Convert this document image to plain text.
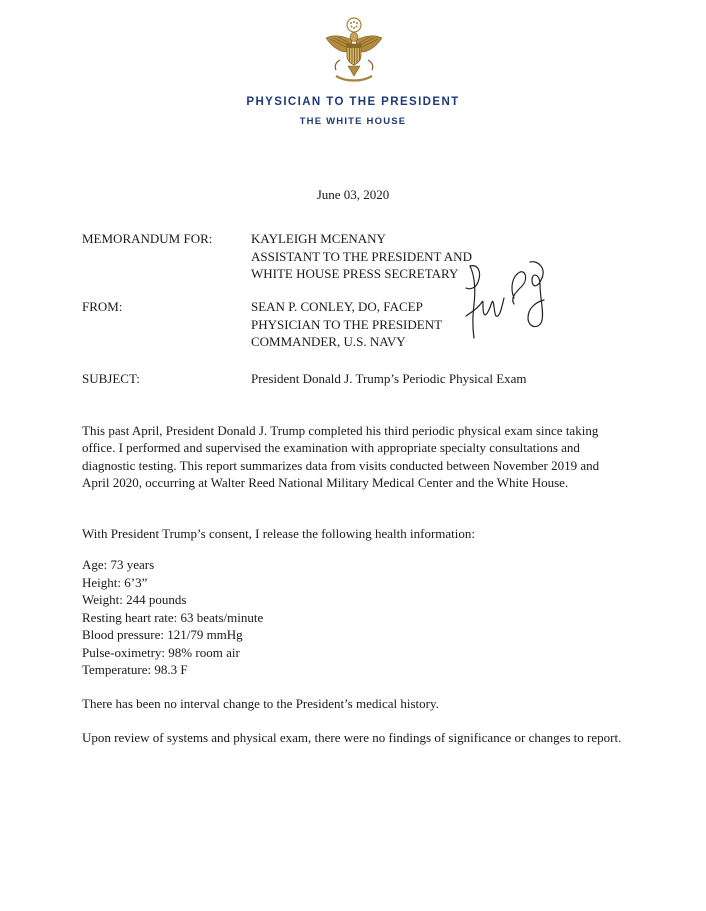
PHYSICIAN TO THE PRESIDENT
THE WHITE HOUSE
June 03, 2020
MEMORANDUM FOR:	KAYLEIGH MCENANY
ASSISTANT TO THE PRESIDENT AND
WHITE HOUSE PRESS SECRETARY
FROM:	SEAN P. CONLEY, DO, FACEP
PHYSICIAN TO THE PRESIDENT
COMMANDER, U.S. NAVY
SUBJECT:	President Donald J. Trump’s Periodic Physical Exam

This past April, President Donald J. Trump completed his third periodic physical exam since taking office. I performed and supervised the examination with appropriate specialty consultations and diagnostic testing. This report summarizes data from visits conducted between November 2019 and April 2020, occurring at Walter Reed National Military Medical Center and the White House.

With President Trump’s consent, I release the following health information:

Age: 73 years
Height: 6’3”
Weight: 244 pounds
Resting heart rate: 63 beats/minute
Blood pressure: 121/79 mmHg
Pulse-oximetry: 98% room air
Temperature: 98.3 F

There has been no interval change to the President’s medical history.

Upon review of systems and physical exam, there were no findings of significance or changes to report.
